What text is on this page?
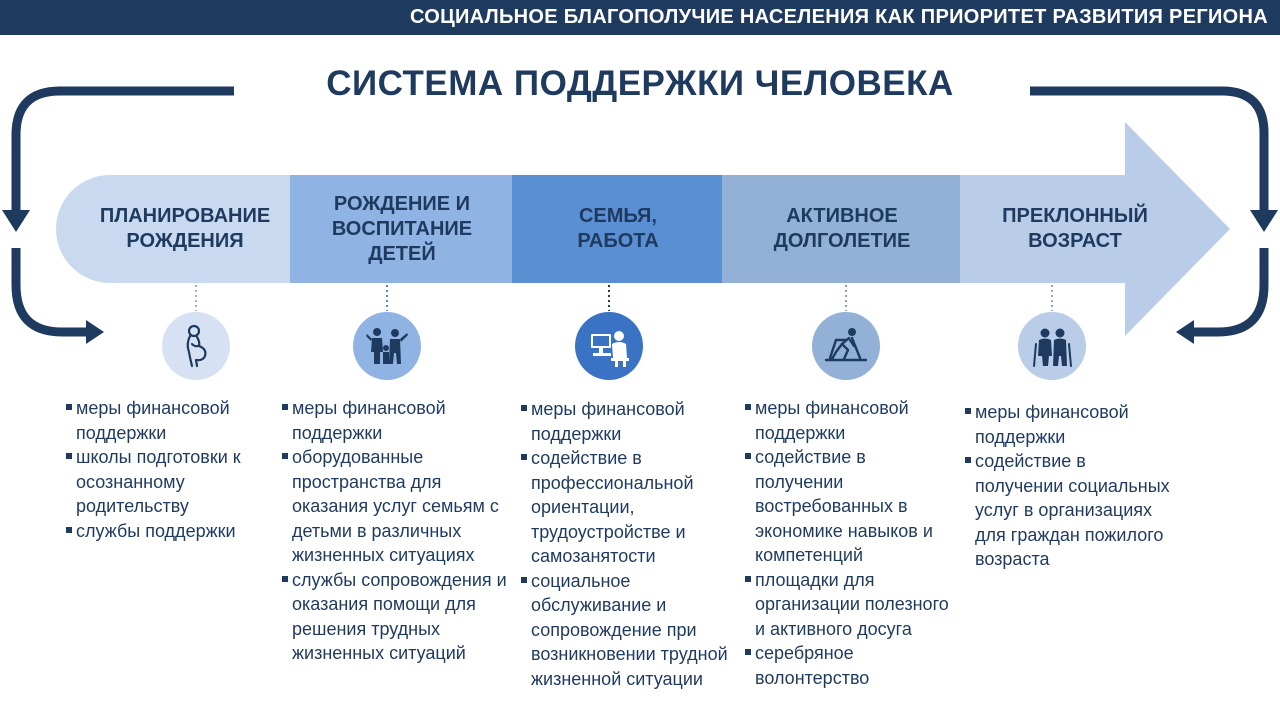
СОЦИАЛЬНОЕ БЛАГОПОЛУЧИЕ НАСЕЛЕНИЯ КАК ПРИОРИТЕТ РАЗВИТИЯ РЕГИОНА
СИСТЕМА ПОДДЕРЖКИ ЧЕЛОВЕКА
ПЛАНИРОВАНИЕ
РОЖДЕНИЯ
РОЖДЕНИЕ И
ВОСПИТАНИЕ
ДЕТЕЙ
СЕМЬЯ,
РАБОТА
АКТИВНОЕ
ДОЛГОЛЕТИЕ
ПРЕКЛОННЫЙ
ВОЗРАСТ
меры финансовой поддержки
школы подготовки к осознанному родительству
службы поддержки
меры финансовой поддержки
оборудованные пространства для оказания услуг семьям с детьми в различных жизненных ситуациях
службы сопровождения и оказания помощи для решения трудных жизненных ситуаций
меры финансовой поддержки
содействие в профессиональной ориентации, трудоустройстве и самозанятости
социальное обслуживание и сопровождение при возникновении трудной жизненной ситуации
меры финансовой поддержки
содействие в получении востребованных в экономике навыков и компетенций
площадки для организации полезного и активного досуга
серебряное волонтерство
меры финансовой поддержки
содействие в получении социальных услуг в организациях для граждан пожилого возраста
